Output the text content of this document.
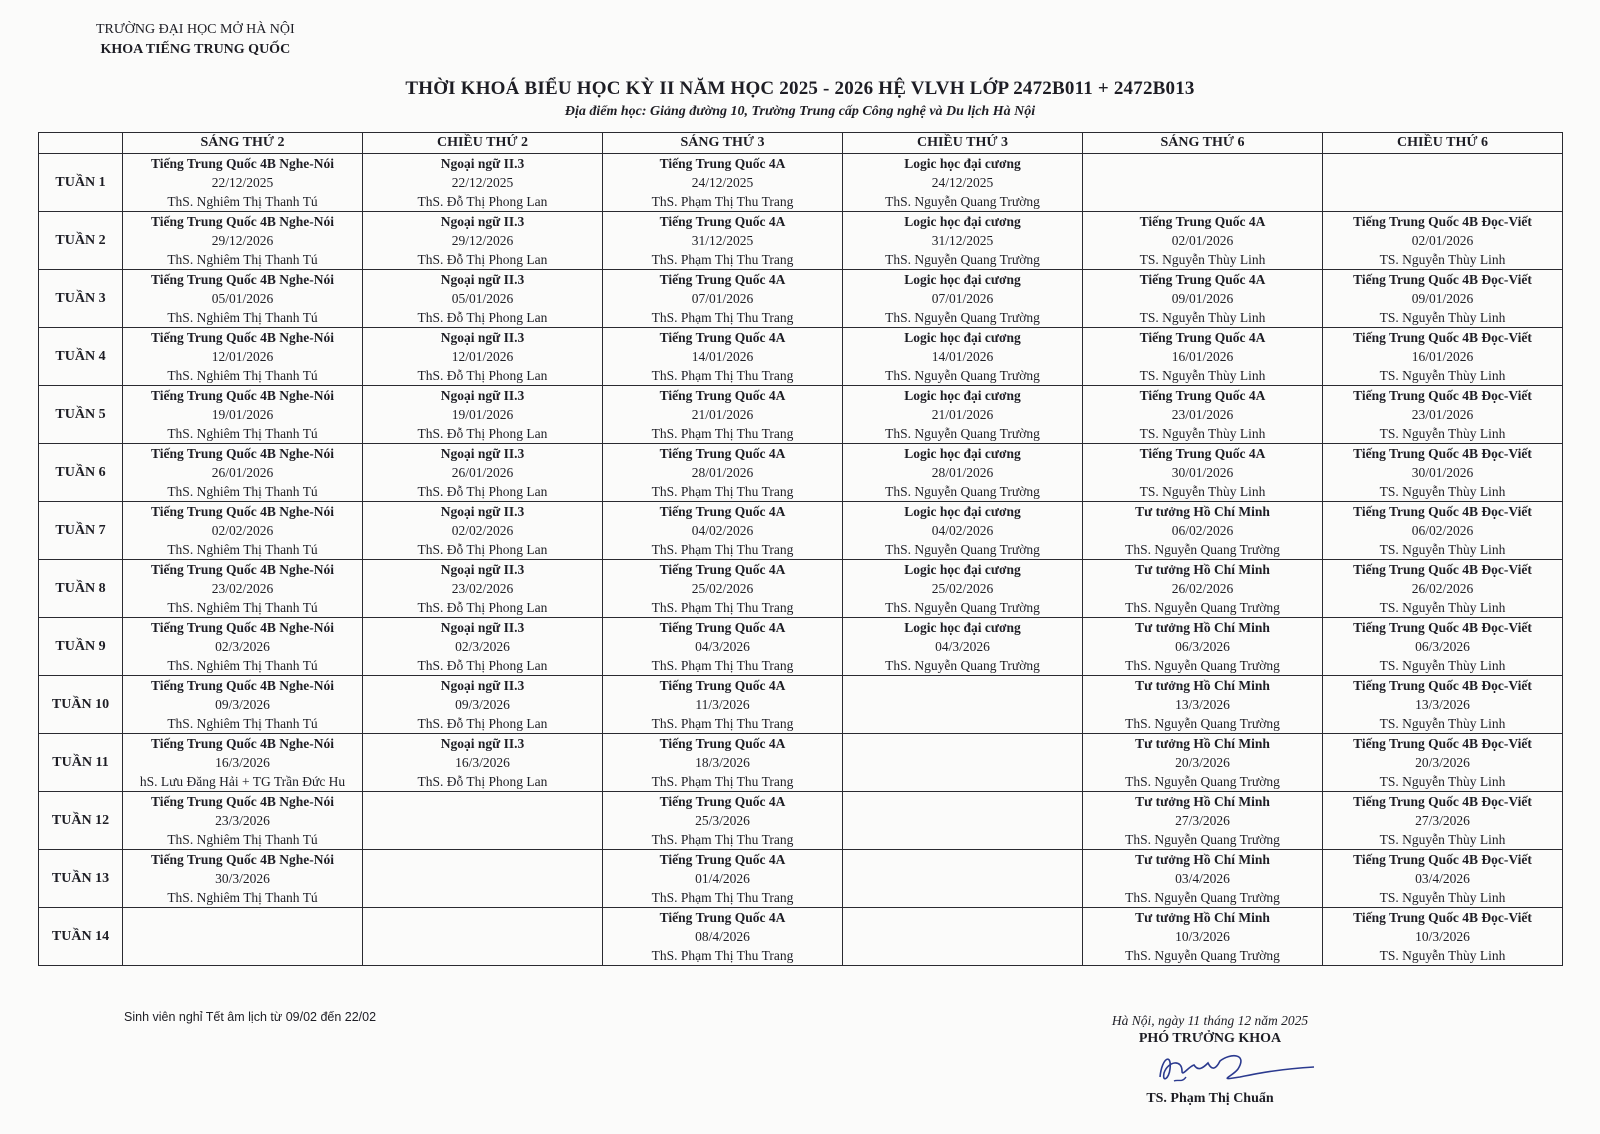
TRƯỜNG ĐẠI HỌC MỞ HÀ NỘI
KHOA TIẾNG TRUNG QUỐC
THỜI KHOÁ BIỂU HỌC KỲ II NĂM HỌC 2025 - 2026 HỆ VLVH LỚP 2472B011 + 2472B013
Địa điểm học: Giảng đường 10, Trường Trung cấp Công nghệ và Du lịch Hà Nội
	SÁNG THỨ 2	CHIỀU THỨ 2	SÁNG THỨ 3	CHIỀU THỨ 3	SÁNG THỨ 6	CHIỀU THỨ 6
TUẦN 1	Tiếng Trung Quốc 4B Nghe-Nói
22/12/2025
ThS. Nghiêm Thị Thanh Tú	Ngoại ngữ II.3
22/12/2025
ThS. Đỗ Thị Phong Lan	Tiếng Trung Quốc 4A
24/12/2025
ThS. Phạm Thị Thu Trang	Logic học đại cương
24/12/2025
ThS. Nguyễn Quang Trường		

TUẦN 2	Tiếng Trung Quốc 4B Nghe-Nói
29/12/2026
ThS. Nghiêm Thị Thanh Tú	Ngoại ngữ II.3
29/12/2026
ThS. Đỗ Thị Phong Lan	Tiếng Trung Quốc 4A
31/12/2025
ThS. Phạm Thị Thu Trang	Logic học đại cương
31/12/2025
ThS. Nguyễn Quang Trường	Tiếng Trung Quốc 4A
02/01/2026
TS. Nguyễn Thùy Linh	Tiếng Trung Quốc 4B Đọc-Viết
02/01/2026
TS. Nguyễn Thùy Linh

TUẦN 3	Tiếng Trung Quốc 4B Nghe-Nói
05/01/2026
ThS. Nghiêm Thị Thanh Tú	Ngoại ngữ II.3
05/01/2026
ThS. Đỗ Thị Phong Lan	Tiếng Trung Quốc 4A
07/01/2026
ThS. Phạm Thị Thu Trang	Logic học đại cương
07/01/2026
ThS. Nguyễn Quang Trường	Tiếng Trung Quốc 4A
09/01/2026
TS. Nguyễn Thùy Linh	Tiếng Trung Quốc 4B Đọc-Viết
09/01/2026
TS. Nguyễn Thùy Linh

TUẦN 4	Tiếng Trung Quốc 4B Nghe-Nói
12/01/2026
ThS. Nghiêm Thị Thanh Tú	Ngoại ngữ II.3
12/01/2026
ThS. Đỗ Thị Phong Lan	Tiếng Trung Quốc 4A
14/01/2026
ThS. Phạm Thị Thu Trang	Logic học đại cương
14/01/2026
ThS. Nguyễn Quang Trường	Tiếng Trung Quốc 4A
16/01/2026
TS. Nguyễn Thùy Linh	Tiếng Trung Quốc 4B Đọc-Viết
16/01/2026
TS. Nguyễn Thùy Linh

TUẦN 5	Tiếng Trung Quốc 4B Nghe-Nói
19/01/2026
ThS. Nghiêm Thị Thanh Tú	Ngoại ngữ II.3
19/01/2026
ThS. Đỗ Thị Phong Lan	Tiếng Trung Quốc 4A
21/01/2026
ThS. Phạm Thị Thu Trang	Logic học đại cương
21/01/2026
ThS. Nguyễn Quang Trường	Tiếng Trung Quốc 4A
23/01/2026
TS. Nguyễn Thùy Linh	Tiếng Trung Quốc 4B Đọc-Viết
23/01/2026
TS. Nguyễn Thùy Linh

TUẦN 6	Tiếng Trung Quốc 4B Nghe-Nói
26/01/2026
ThS. Nghiêm Thị Thanh Tú	Ngoại ngữ II.3
26/01/2026
ThS. Đỗ Thị Phong Lan	Tiếng Trung Quốc 4A
28/01/2026
ThS. Phạm Thị Thu Trang	Logic học đại cương
28/01/2026
ThS. Nguyễn Quang Trường	Tiếng Trung Quốc 4A
30/01/2026
TS. Nguyễn Thùy Linh	Tiếng Trung Quốc 4B Đọc-Viết
30/01/2026
TS. Nguyễn Thùy Linh

TUẦN 7	Tiếng Trung Quốc 4B Nghe-Nói
02/02/2026
ThS. Nghiêm Thị Thanh Tú	Ngoại ngữ II.3
02/02/2026
ThS. Đỗ Thị Phong Lan	Tiếng Trung Quốc 4A
04/02/2026
ThS. Phạm Thị Thu Trang	Logic học đại cương
04/02/2026
ThS. Nguyễn Quang Trường	Tư tưởng Hồ Chí Minh
06/02/2026
ThS. Nguyễn Quang Trường	Tiếng Trung Quốc 4B Đọc-Viết
06/02/2026
TS. Nguyễn Thùy Linh

TUẦN 8	Tiếng Trung Quốc 4B Nghe-Nói
23/02/2026
ThS. Nghiêm Thị Thanh Tú	Ngoại ngữ II.3
23/02/2026
ThS. Đỗ Thị Phong Lan	Tiếng Trung Quốc 4A
25/02/2026
ThS. Phạm Thị Thu Trang	Logic học đại cương
25/02/2026
ThS. Nguyễn Quang Trường	Tư tưởng Hồ Chí Minh
26/02/2026
ThS. Nguyễn Quang Trường	Tiếng Trung Quốc 4B Đọc-Viết
26/02/2026
TS. Nguyễn Thùy Linh

TUẦN 9	Tiếng Trung Quốc 4B Nghe-Nói
02/3/2026
ThS. Nghiêm Thị Thanh Tú	Ngoại ngữ II.3
02/3/2026
ThS. Đỗ Thị Phong Lan	Tiếng Trung Quốc 4A
04/3/2026
ThS. Phạm Thị Thu Trang	Logic học đại cương
04/3/2026
ThS. Nguyễn Quang Trường	Tư tưởng Hồ Chí Minh
06/3/2026
ThS. Nguyễn Quang Trường	Tiếng Trung Quốc 4B Đọc-Viết
06/3/2026
TS. Nguyễn Thùy Linh

TUẦN 10	Tiếng Trung Quốc 4B Nghe-Nói
09/3/2026
ThS. Nghiêm Thị Thanh Tú	Ngoại ngữ II.3
09/3/2026
ThS. Đỗ Thị Phong Lan	Tiếng Trung Quốc 4A
11/3/2026
ThS. Phạm Thị Thu Trang		Tư tưởng Hồ Chí Minh
13/3/2026
ThS. Nguyễn Quang Trường	Tiếng Trung Quốc 4B Đọc-Viết
13/3/2026
TS. Nguyễn Thùy Linh

TUẦN 11	Tiếng Trung Quốc 4B Nghe-Nói
16/3/2026
hS. Lưu Đăng Hải + TG Trần Đức Hu	Ngoại ngữ II.3
16/3/2026
ThS. Đỗ Thị Phong Lan	Tiếng Trung Quốc 4A
18/3/2026
ThS. Phạm Thị Thu Trang		Tư tưởng Hồ Chí Minh
20/3/2026
ThS. Nguyễn Quang Trường	Tiếng Trung Quốc 4B Đọc-Viết
20/3/2026
TS. Nguyễn Thùy Linh

TUẦN 12	Tiếng Trung Quốc 4B Nghe-Nói
23/3/2026
ThS. Nghiêm Thị Thanh Tú		Tiếng Trung Quốc 4A
25/3/2026
ThS. Phạm Thị Thu Trang		Tư tưởng Hồ Chí Minh
27/3/2026
ThS. Nguyễn Quang Trường	Tiếng Trung Quốc 4B Đọc-Viết
27/3/2026
TS. Nguyễn Thùy Linh

TUẦN 13	Tiếng Trung Quốc 4B Nghe-Nói
30/3/2026
ThS. Nghiêm Thị Thanh Tú		Tiếng Trung Quốc 4A
01/4/2026
ThS. Phạm Thị Thu Trang		Tư tưởng Hồ Chí Minh
03/4/2026
ThS. Nguyễn Quang Trường	Tiếng Trung Quốc 4B Đọc-Viết
03/4/2026
TS. Nguyễn Thùy Linh

TUẦN 14			Tiếng Trung Quốc 4A
08/4/2026
ThS. Phạm Thị Thu Trang		Tư tưởng Hồ Chí Minh
10/3/2026
ThS. Nguyễn Quang Trường	Tiếng Trung Quốc 4B Đọc-Viết
10/3/2026
TS. Nguyễn Thùy Linh
Sinh viên nghỉ Tết âm lịch từ 09/02 đến 22/02	Hà Nội, ngày 11 tháng 12 năm 2025
PHÓ TRƯỞNG KHOA
TS. Phạm Thị Chuẩn
